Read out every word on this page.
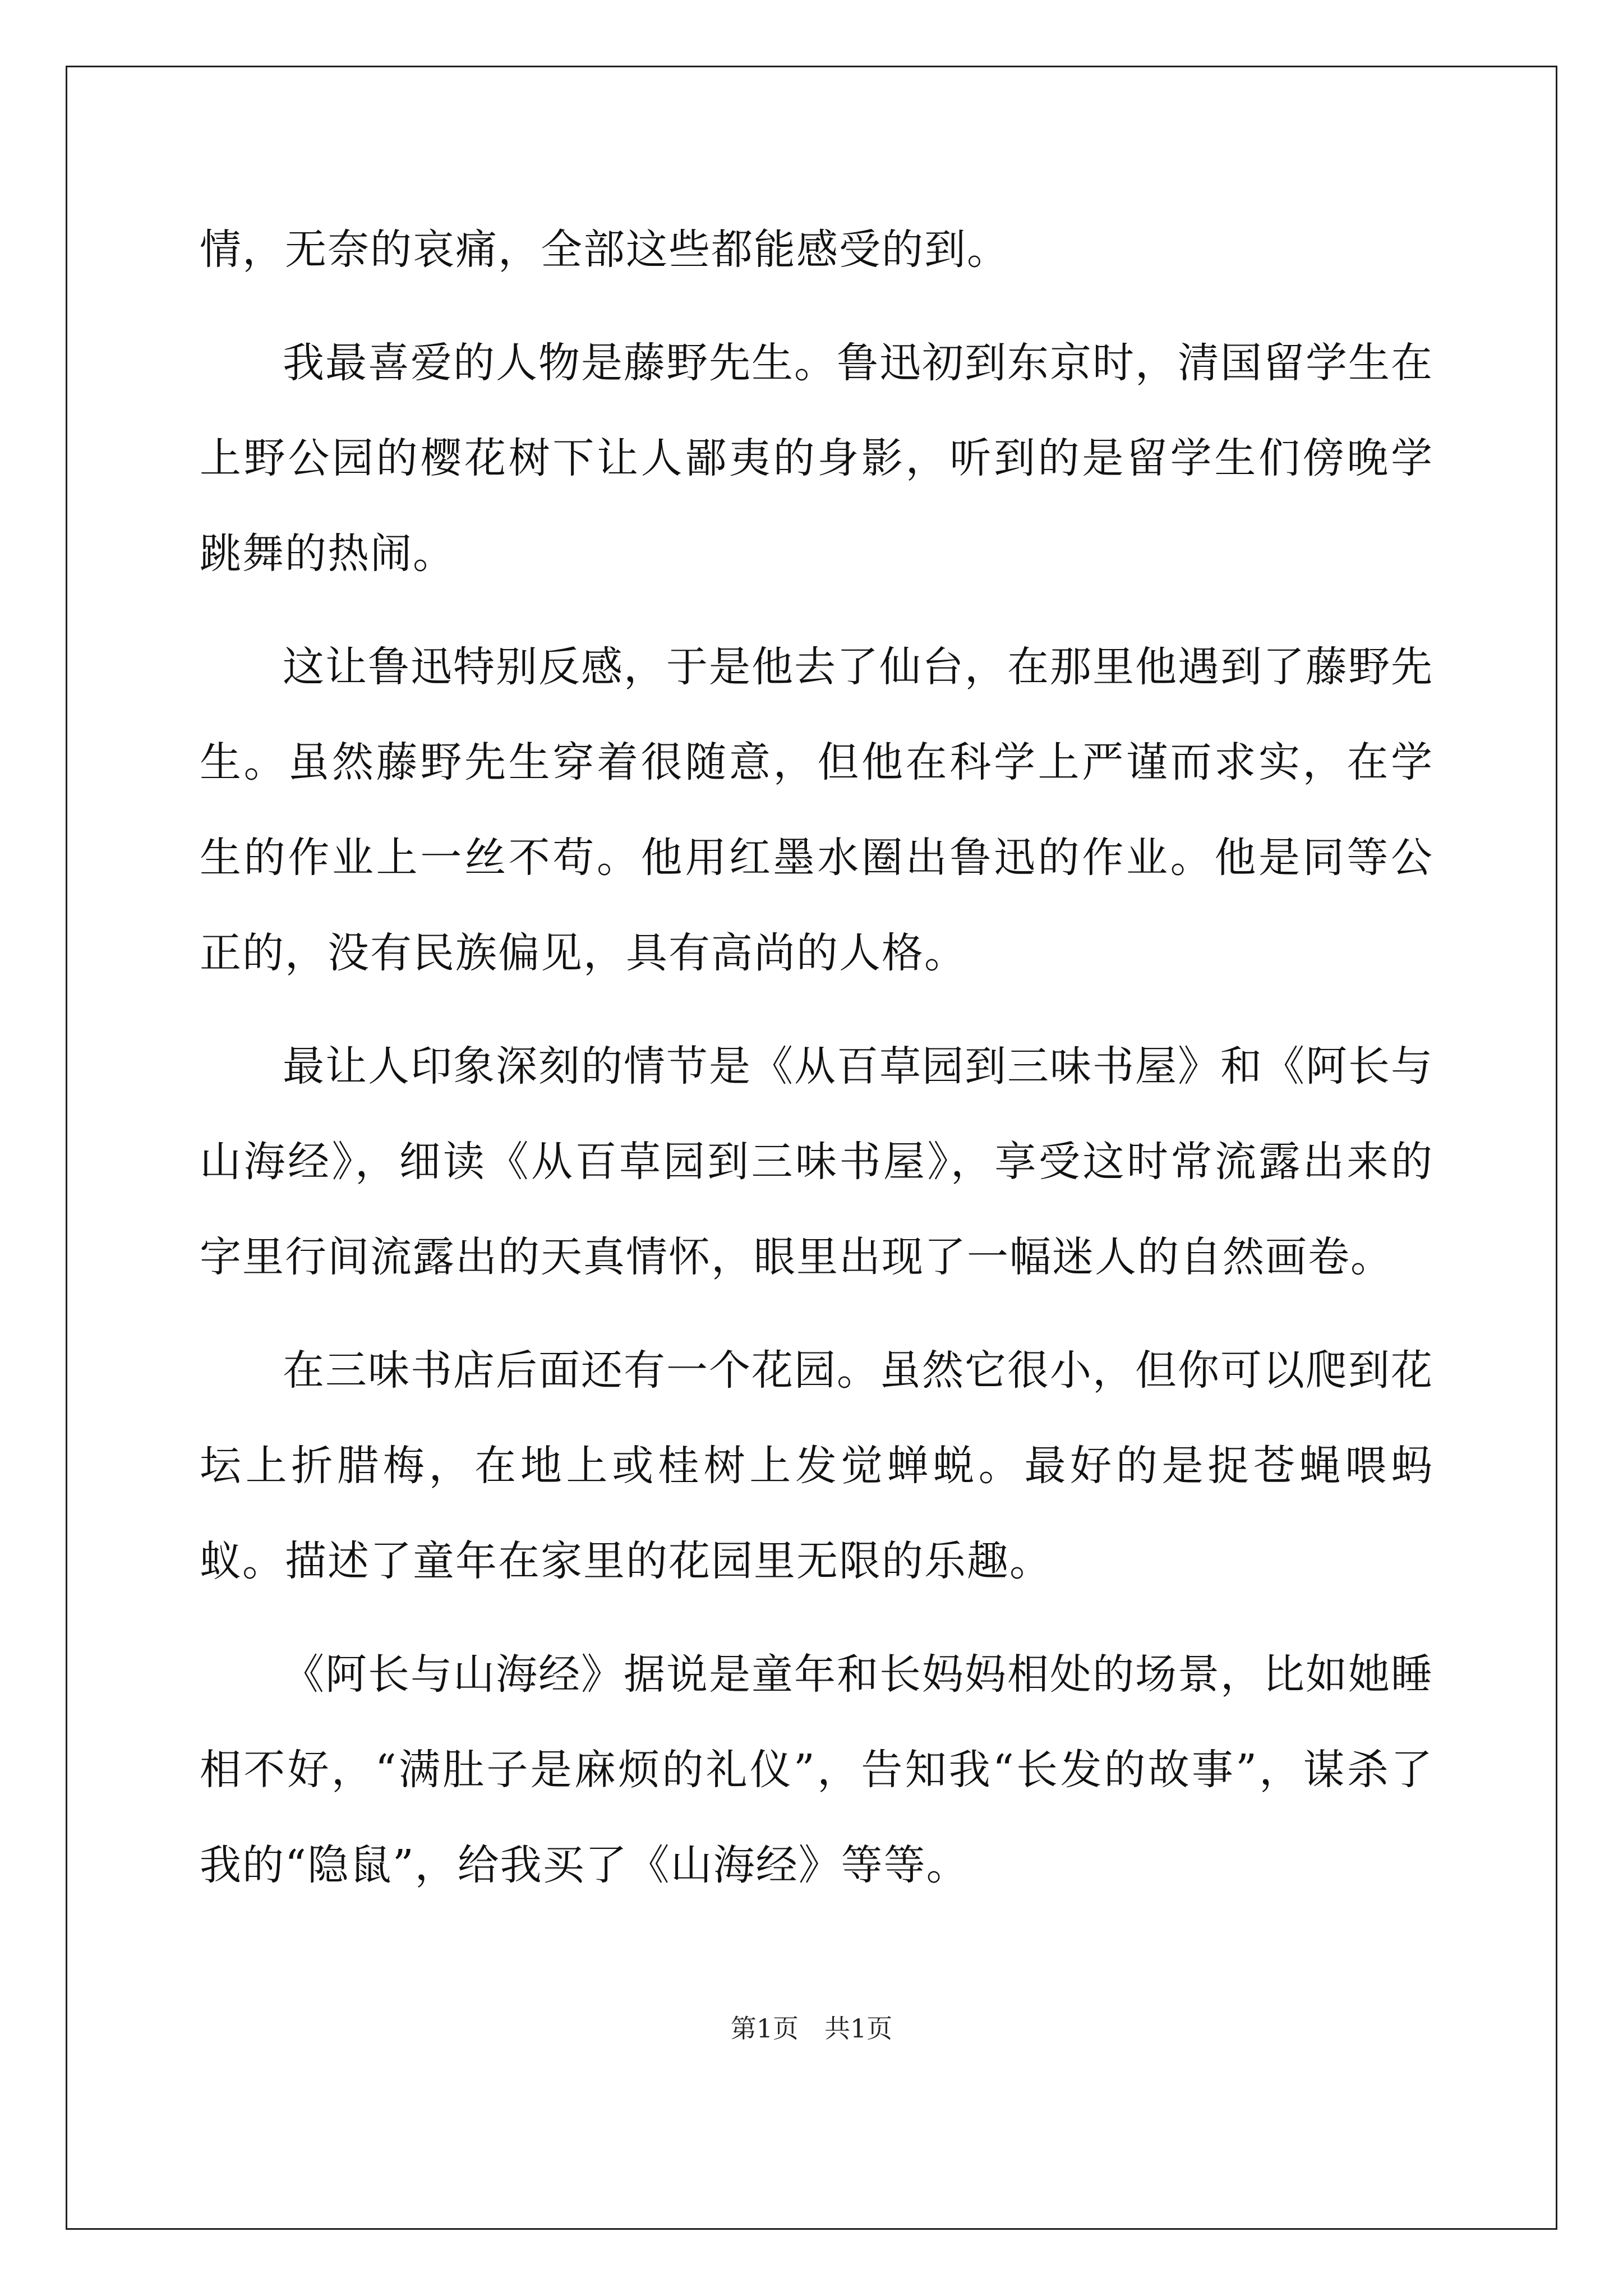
情，无奈的哀痛，全部这些都能感受的到。

我最喜爱的人物是藤野先生。鲁迅初到东京时，清国留学生在上野公园的樱花树下让人鄙夷的身影，听到的是留学生们傍晚学跳舞的热闹。

这让鲁迅特别反感，于是他去了仙台，在那里他遇到了藤野先生。虽然藤野先生穿着很随意，但他在科学上严谨而求实，在学生的作业上一丝不苟。他用红墨水圈出鲁迅的作业。他是同等公正的，没有民族偏见，具有高尚的人格。

最让人印象深刻的情节是《从百草园到三味书屋》和《阿长与山海经》，细读《从百草园到三味书屋》，享受这时常流露出来的字里行间流露出的天真情怀，眼里出现了一幅迷人的自然画卷。

在三味书店后面还有一个花园。虽然它很小，但你可以爬到花坛上折腊梅，在地上或桂树上发觉蝉蜕。最好的是捉苍蝇喂蚂蚁。描述了童年在家里的花园里无限的乐趣。

《阿长与山海经》据说是童年和长妈妈相处的场景，比如她睡相不好，“满肚子是麻烦的礼仪”，告知我“长发的故事”，谋杀了我的“隐鼠”，给我买了《山海经》等等。

第1页　共1页
